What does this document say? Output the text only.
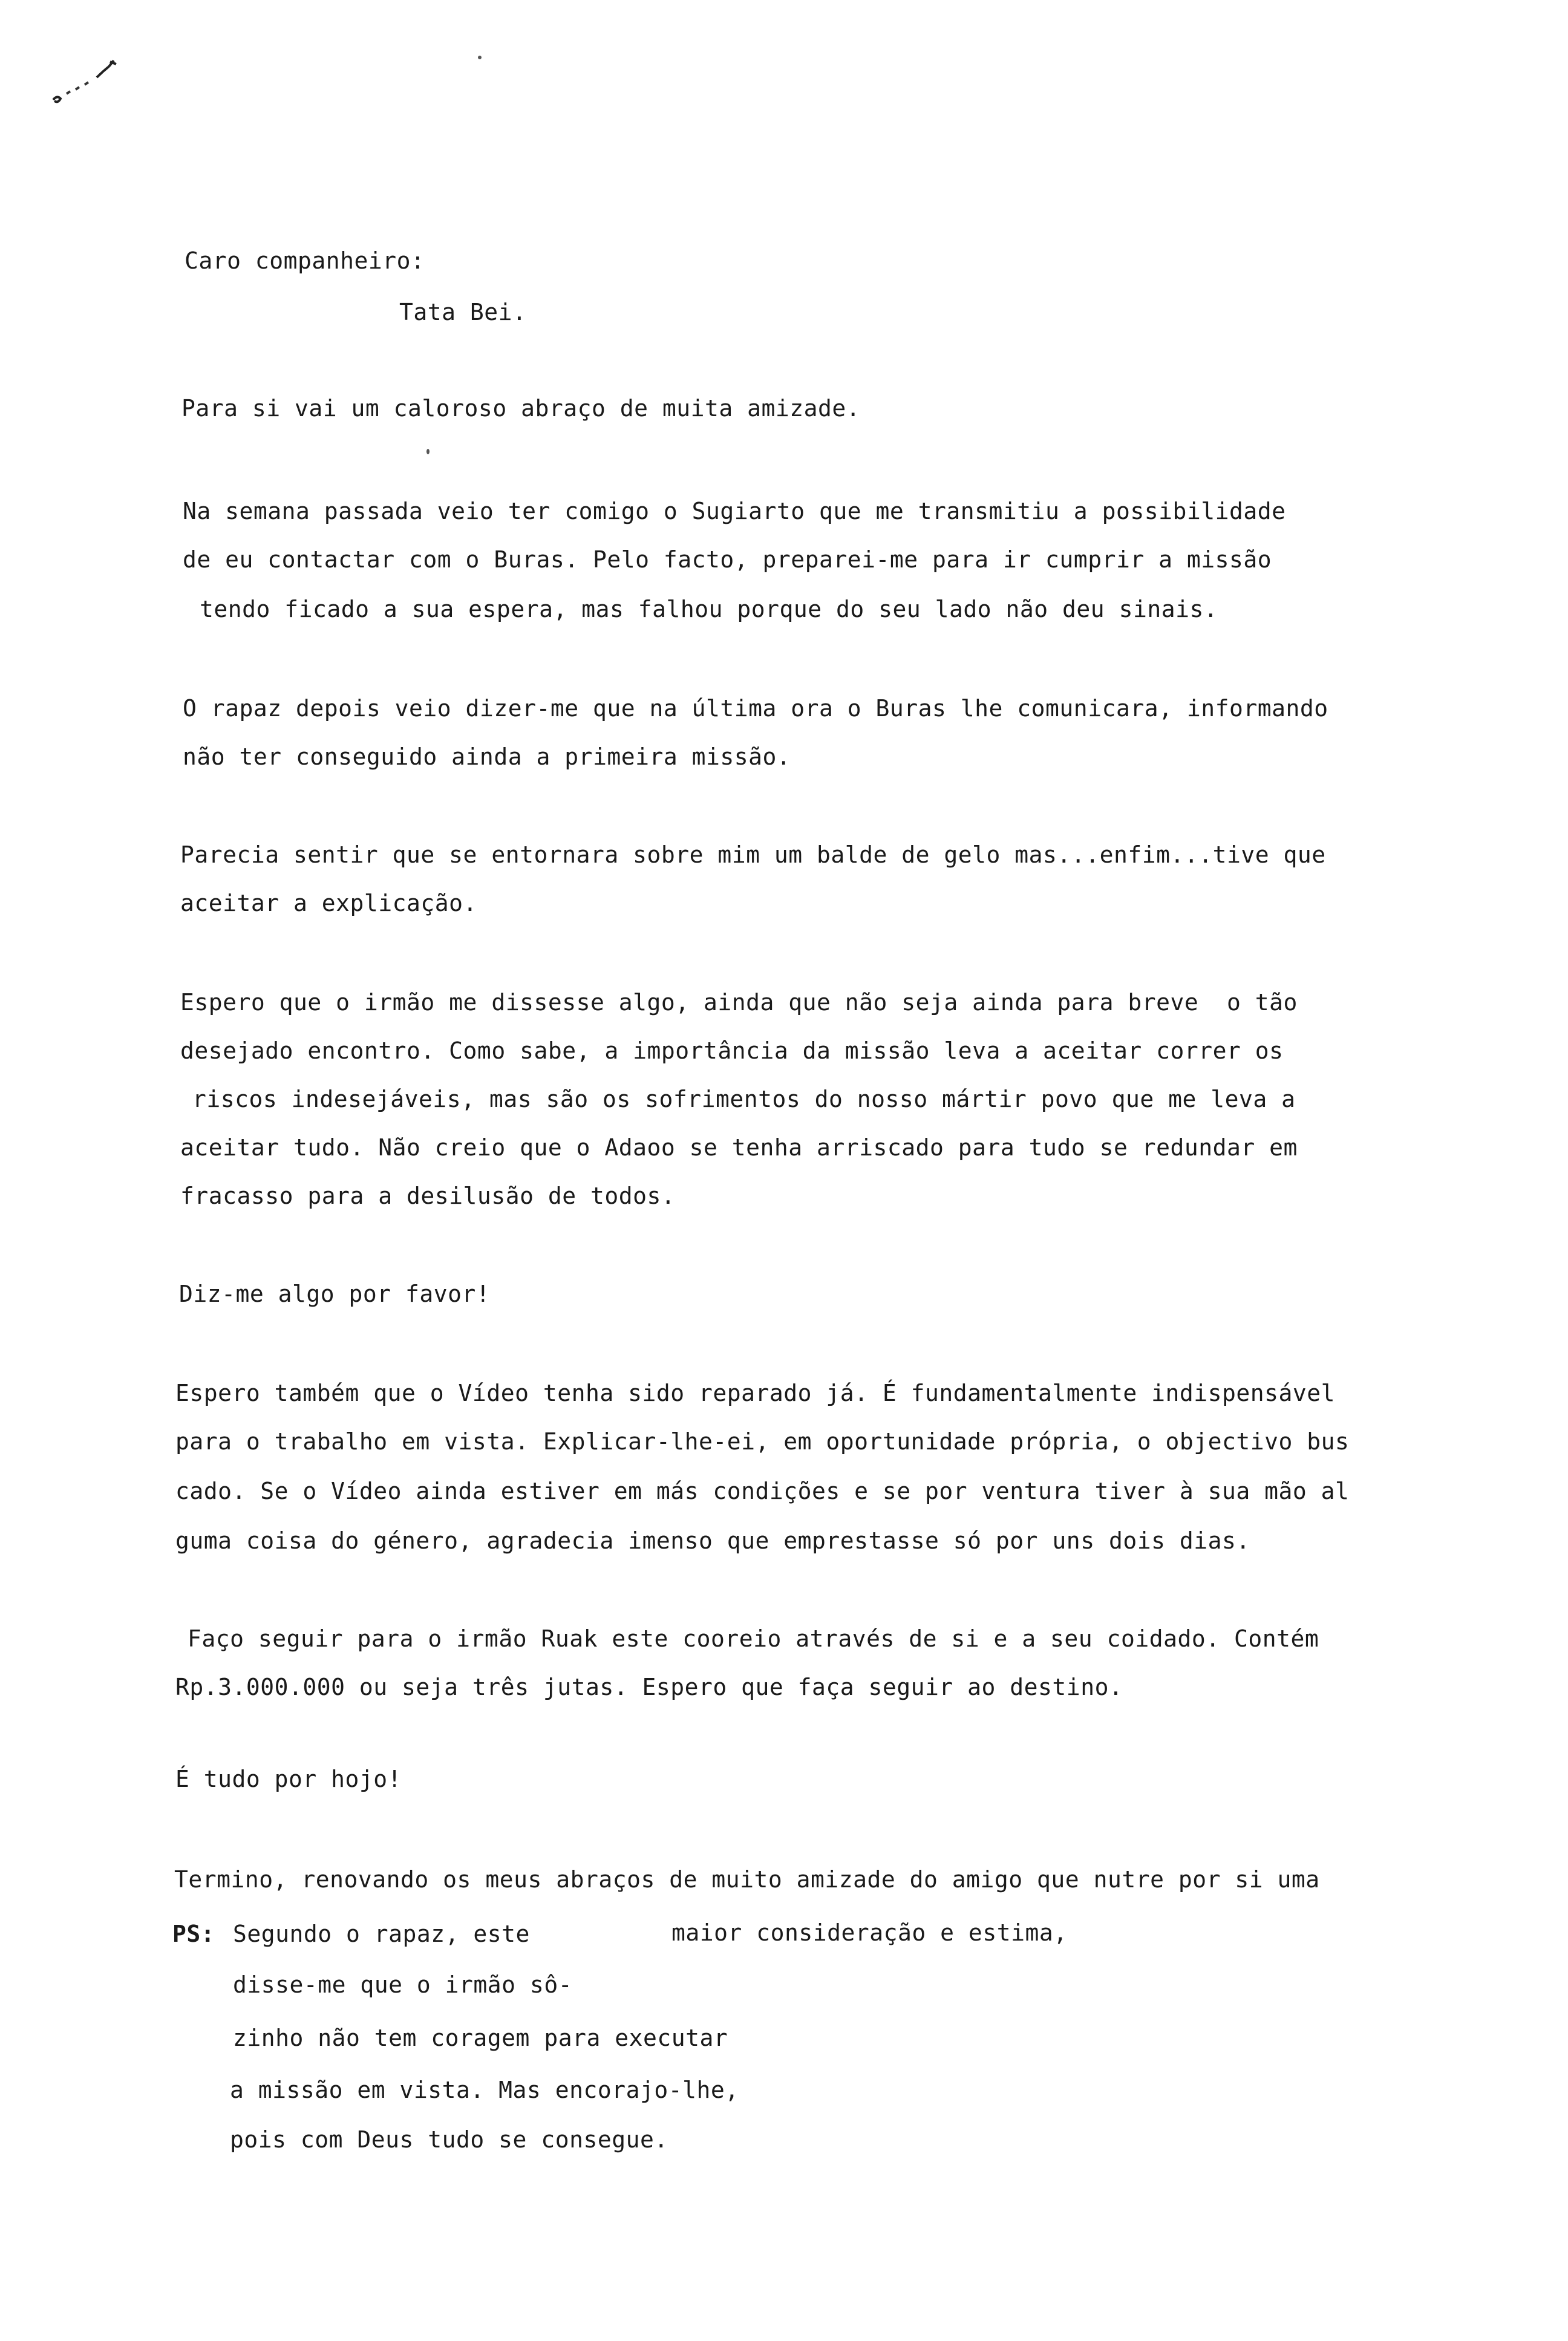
Caro companheiro:
Tata Bei.
Para si vai um caloroso abraço de muita amizade.
Na semana passada veio ter comigo o Sugiarto que me transmitiu a possibilidade
de eu contactar com o Buras. Pelo facto, preparei-me para ir cumprir a missão
tendo ficado a sua espera, mas falhou porque do seu lado não deu sinais.
O rapaz depois veio dizer-me que na última ora o Buras lhe comunicara, informando
não ter conseguido ainda a primeira missão.
Parecia sentir que se entornara sobre mim um balde de gelo mas...enfim...tive que
aceitar a explicação.
Espero que o irmão me dissesse algo, ainda que não seja ainda para breve  o tão
desejado encontro. Como sabe, a importância da missão leva a aceitar correr os
riscos indesejáveis, mas são os sofrimentos do nosso mártir povo que me leva a
aceitar tudo. Não creio que o Adaoo se tenha arriscado para tudo se redundar em
fracasso para a desilusão de todos.
Diz-me algo por favor!
Espero também que o Vídeo tenha sido reparado já. É fundamentalmente indispensável
para o trabalho em vista. Explicar-lhe-ei, em oportunidade própria, o objectivo bus
cado. Se o Vídeo ainda estiver em más condições e se por ventura tiver à sua mão al
guma coisa do género, agradecia imenso que emprestasse só por uns dois dias.
Faço seguir para o irmão Ruak este cooreio através de si e a seu coidado. Contém
Rp.3.000.000 ou seja três jutas. Espero que faça seguir ao destino.
É tudo por hojo!
Termino, renovando os meus abraços de muito amizade do amigo que nutre por si uma
maior consideração e estima,
PS: Segundo o rapaz, este
disse-me que o irmão sô-
zinho não tem coragem para executar
a missão em vista. Mas encorajo-lhe,
pois com Deus tudo se consegue.
